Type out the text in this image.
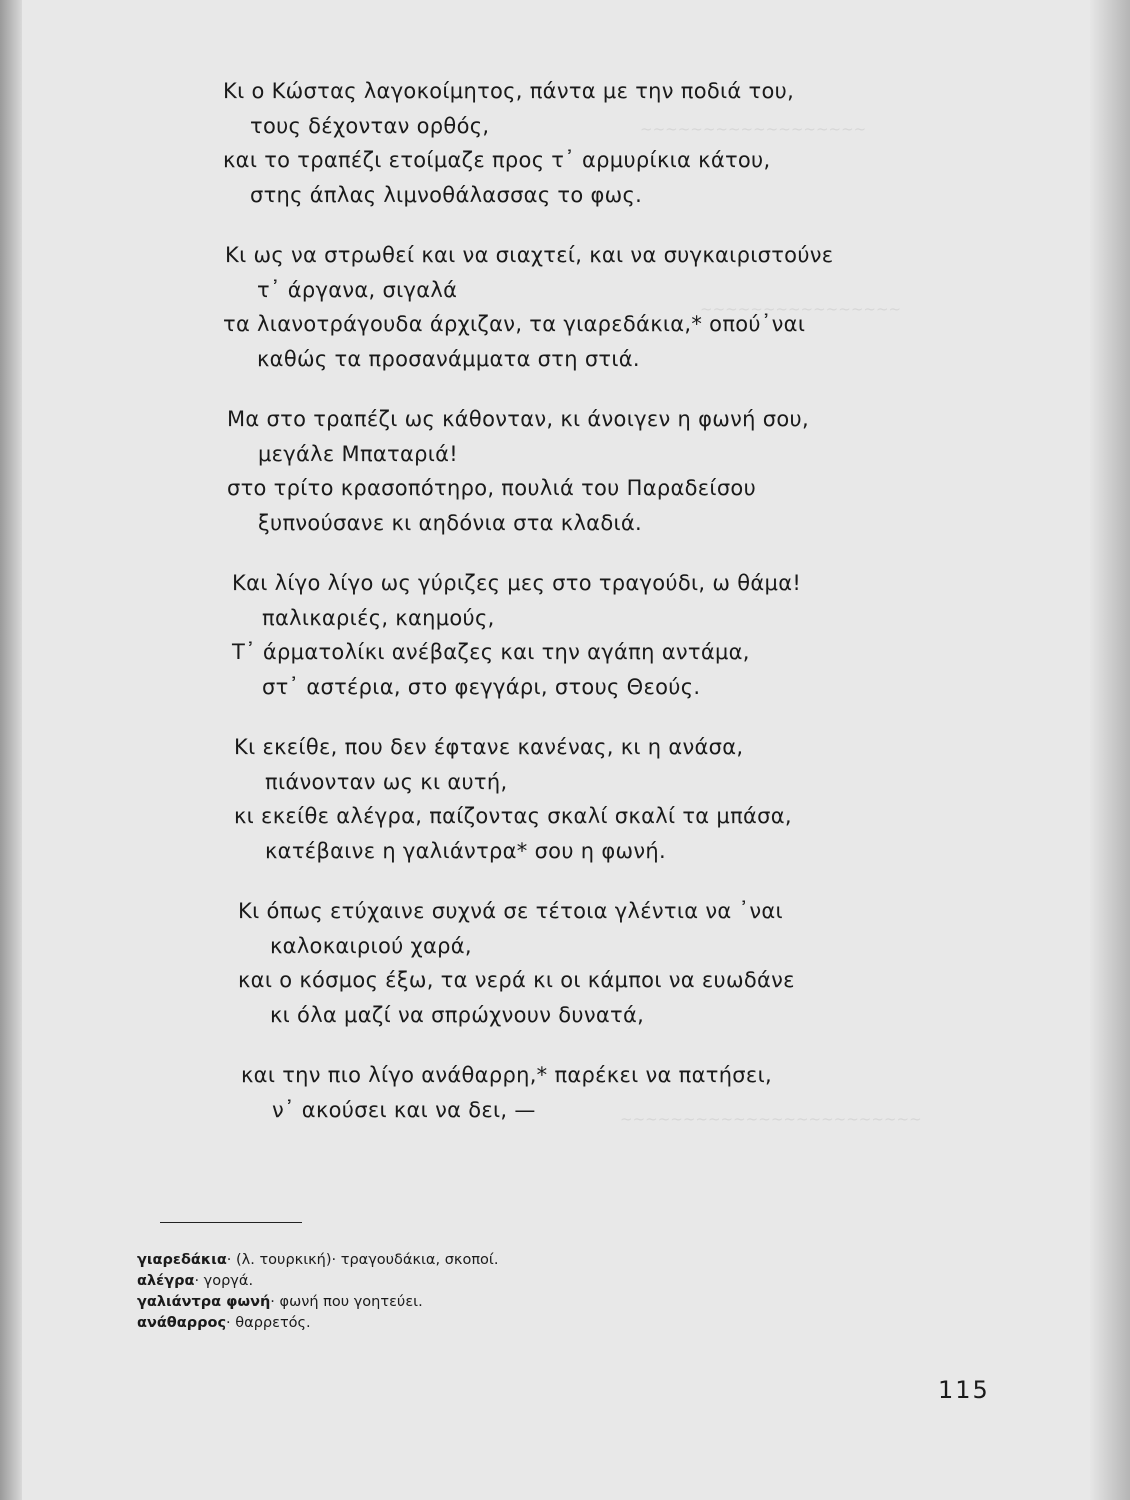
~~~~~~~~~~~~~~~~~~
~~~~~~~~~~~~~~~~
~~~~~~~~~~~~~~~~~~~~~~~~
Κι ο Κώστας λαγοκοίμητος, πάντα με την ποδιά του,
τους δέχονταν ορθός,
και το τραπέζι ετοίμαζε προς τ᾽ αρμυρίκια κάτου,
στης άπλας λιμνοθάλασσας το φως.
Κι ως να στρωθεί και να σιαχτεί, και να συγκαιριστούνε
τ᾽ άργανα, σιγαλά
τα λιανοτράγουδα άρχιζαν, τα γιαρεδάκια,* οπού᾽ναι
καθώς τα προσανάμματα στη στιά.
Μα στο τραπέζι ως κάθονταν, κι άνοιγεν η φωνή σου,
μεγάλε Μπαταριά!
στο τρίτο κρασοπότηρο, πουλιά του Παραδείσου
ξυπνούσανε κι αηδόνια στα κλαδιά.
Και λίγο λίγο ως γύριζες μες στο τραγούδι, ω θάμα!
παλικαριές, καημούς,
Τ᾽ άρματολίκι ανέβαζες και την αγάπη αντάμα,
στ᾽ αστέρια, στο φεγγάρι, στους Θεούς.
Κι εκείθε, που δεν έφτανε κανένας, κι η ανάσα,
πιάνονταν ως κι αυτή,
κι εκείθε αλέγρα, παίζοντας σκαλί σκαλί τα μπάσα,
κατέβαινε η γαλιάντρα* σου η φωνή.
Κι όπως ετύχαινε συχνά σε τέτοια γλέντια να ᾽ναι
καλοκαιριού χαρά,
και ο κόσμος έξω, τα νερά κι οι κάμποι να ευωδάνε
κι όλα μαζί να σπρώχνουν δυνατά,
και την πιο λίγο ανάθαρρη,* παρέκει να πατήσει,
ν᾽ ακούσει και να δει, —
γιαρεδάκια· (λ. τουρκική)· τραγουδάκια, σκοποί.
αλέγρα· γοργά.
γαλιάντρα φωνή· φωνή που γοητεύει.
ανάθαρρος· θαρρετός.
115
